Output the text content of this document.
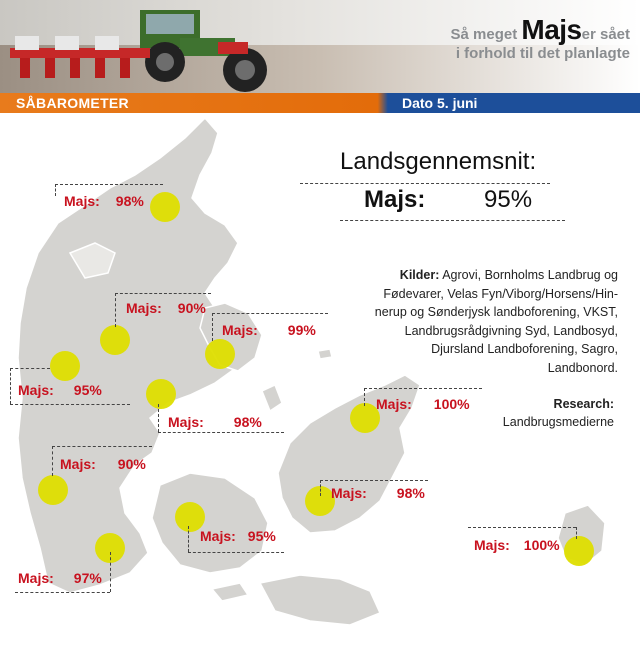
Så meget Majser sået
i forhold til det planlagte
SÅBAROMETER	Dato 5. juni
Landsgennemsnit:
Majs: 95%
Kilder: Agrovi, Bornholms Landbrug og
Fødevarer, Velas Fyn/Viborg/Horsens/Hin-
nerup og Sønderjysk landboforening, VKST,
Landbrugsrådgivning Syd, Landbosyd,
Djursland Landboforening, Sagro,
Landbonord.
Research:
Landbrugsmedierne
Majs: 98%
Majs: 90%
Majs: 99%
Majs: 95%
Majs: 98%
Majs: 100%
Majs: 90%
Majs: 98%
Majs: 95%
Majs: 97%
Majs: 100%
